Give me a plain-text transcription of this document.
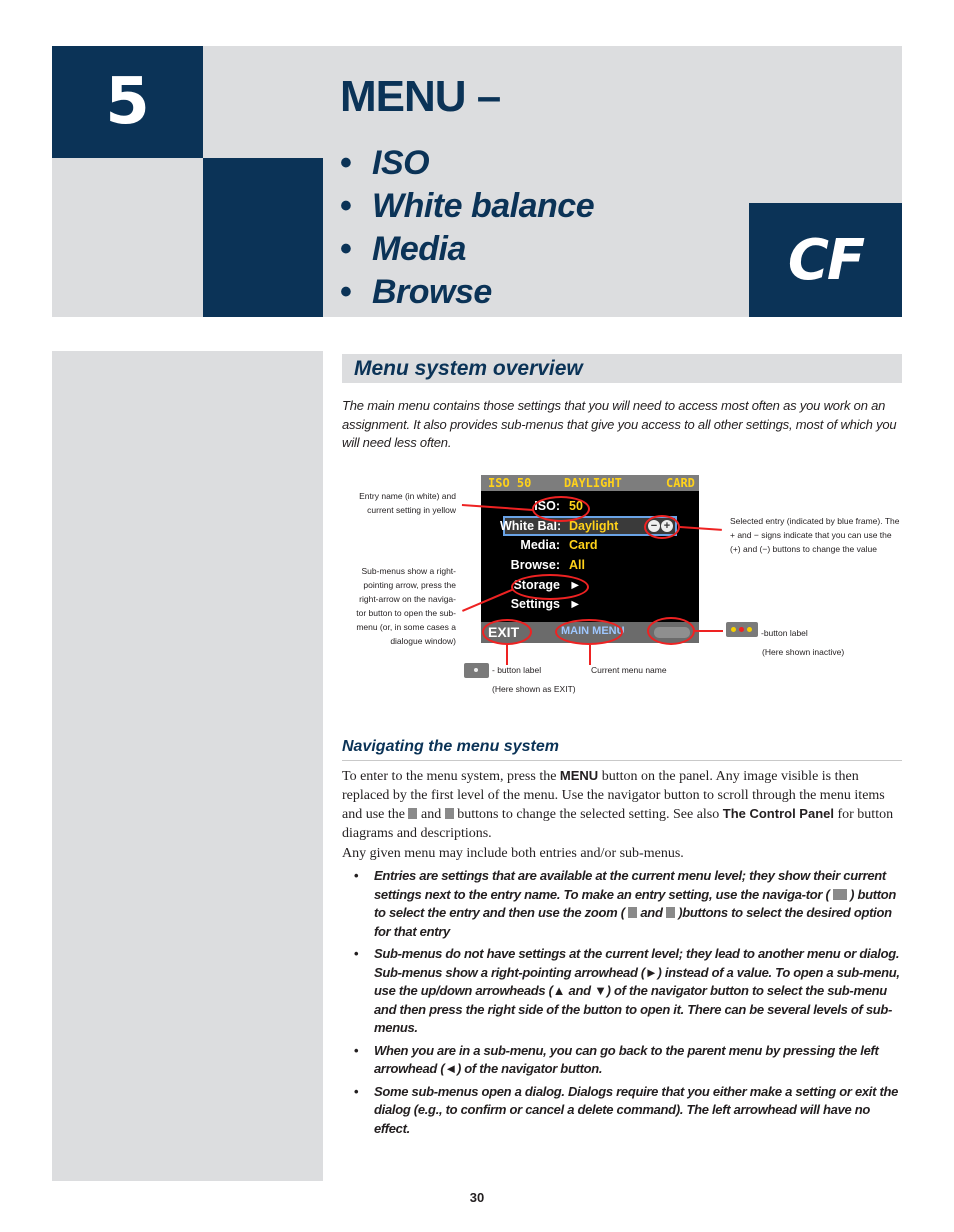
5
CF
MENU –
• ISO
• White balance
• Media
• Browse
Menu system overview
The main menu contains those settings that you will need to access most often as you work on an assignment. It also provides sub-menus that give you access to all other settings, most of which you will need less often.
ISO 50	DAYLIGHT	CARD
ISO: 50
White Bal: Daylight	− +
Media: Card
Browse: All
Storage ►
Settings ►
EXIT	MAIN MENU
Entry name (in white) and current setting in yellow
Sub-menus show a right-pointing arrow, press the right-arrow on the naviga-tor button to open the sub-menu (or, in some cases a dialogue window)
Selected entry (indicated by blue frame). The + and − signs indicate that you can use the (+) and (−) buttons to change the value
-button label
(Here shown inactive)
- button label
(Here shown as EXIT)
Current menu name
Navigating the menu system
To enter to the menu system, press the MENU button on the panel. Any image visible is then replaced by the first level of the menu. Use the navigator button to scroll through the menu items and use the  and  buttons to change the selected setting. See also The Control Panel for button diagrams and descriptions.
Any given menu may include both entries and/or sub-menus.
• Entries are settings that are available at the current menu level; they show their current settings next to the entry name. To make an entry setting, use the naviga-tor (  ) button to select the entry and then use the zoom (  and  )buttons to select the desired option for that entry
• Sub-menus do not have settings at the current level; they lead to another menu or dialog. Sub-menus show a right-pointing arrowhead (►) instead of a value. To open a sub-menu, use the up/down arrowheads (▲ and ▼) of the navigator button to select the sub-menu and then press the right side of the button to open it. There can be several levels of sub-menus.
• When you are in a sub-menu, you can go back to the parent menu by pressing the left arrowhead (◄) of the navigator button.
• Some sub-menus open a dialog. Dialogs require that you either make a setting or exit the dialog (e.g., to confirm or cancel a delete command). The left arrowhead will have no effect.
30
